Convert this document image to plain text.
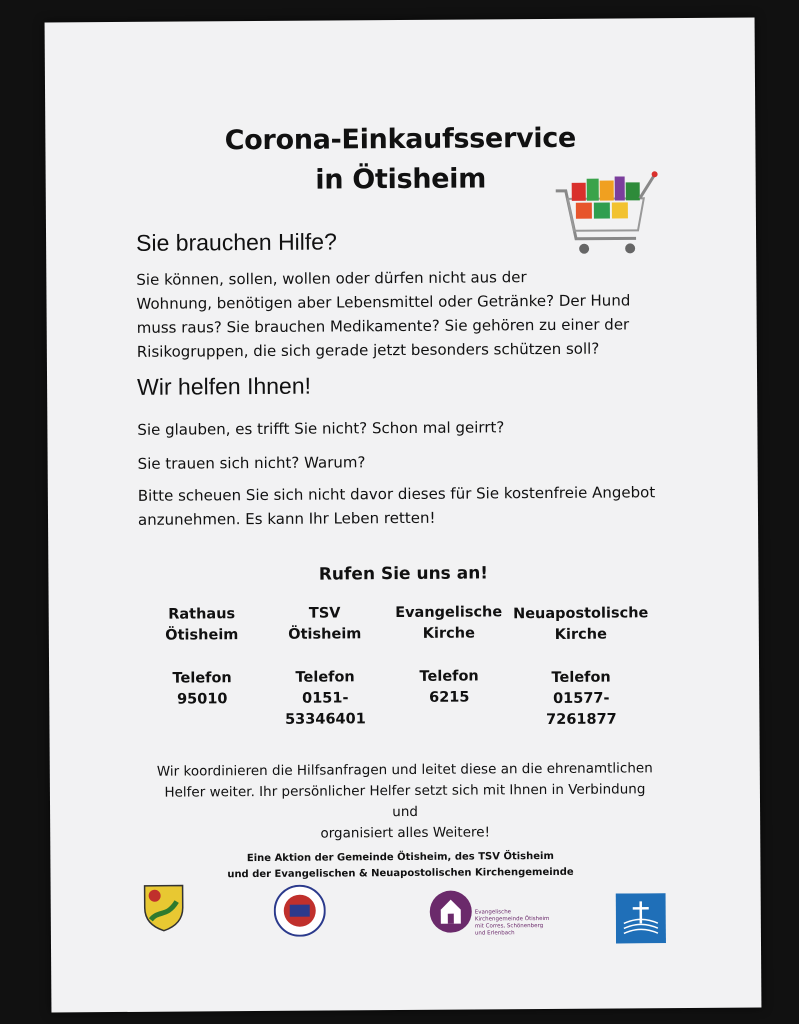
Corona-Einkaufsservice
in Ötisheim
Sie brauchen Hilfe?
Sie können, sollen, wollen oder dürfen nicht aus der
Wohnung, benötigen aber Lebensmittel oder Getränke? Der Hund
muss raus? Sie brauchen Medikamente? Sie gehören zu einer der
Risikogruppen, die sich gerade jetzt besonders schützen soll?
Wir helfen Ihnen!
Sie glauben, es trifft Sie nicht? Schon mal geirrt?
Sie trauen sich nicht? Warum?
Bitte scheuen Sie sich nicht davor dieses für Sie kostenfreie Angebot
anzunehmen. Es kann Ihr Leben retten!
Rufen Sie uns an!
Rathaus
Ötisheim
Telefon
95010
TSV
Ötisheim
Telefon
0151-
53346401
Evangelische
Kirche
Telefon
6215
Neuapostolische
Kirche
Telefon
01577-
7261877
Wir koordinieren die Hilfsanfragen und leitet diese an die ehrenamtlichen
Helfer weiter. Ihr persönlicher Helfer setzt sich mit Ihnen in Verbindung und
organisiert alles Weitere!
Eine Aktion der Gemeinde Ötisheim, des TSV Ötisheim
und der Evangelischen & Neuapostolischen Kirchengemeinde
Evangelische
Kirchengemeinde Ötisheim
mit Corres, Schönenberg
und Erlenbach
